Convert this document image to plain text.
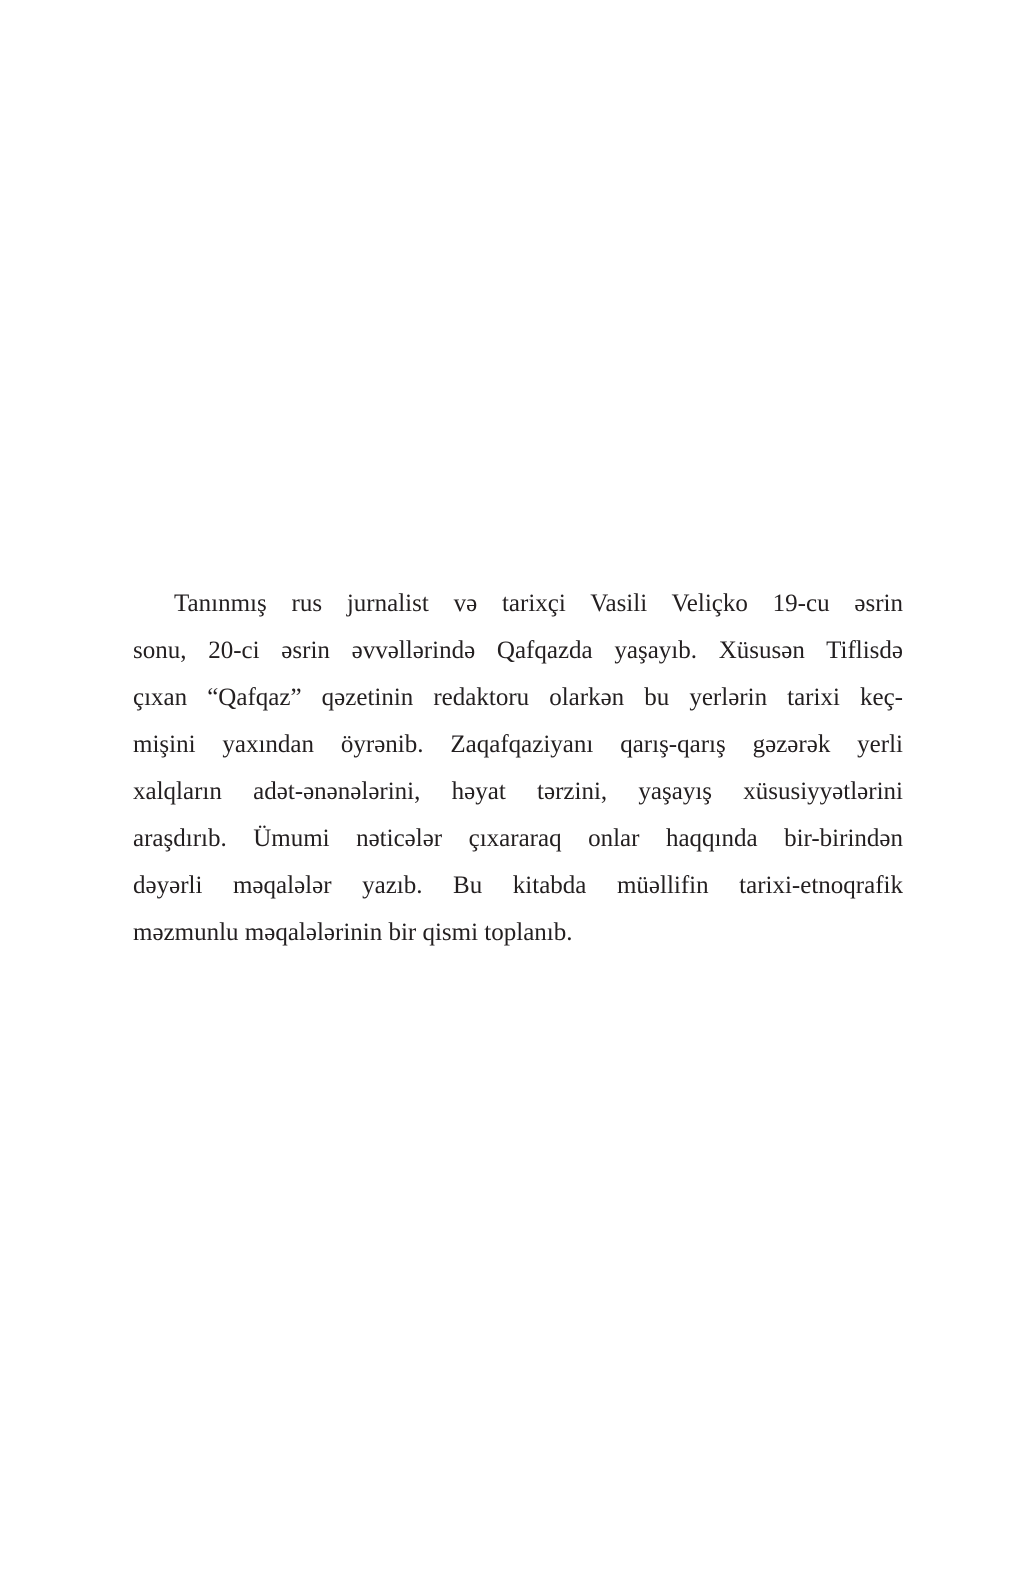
Tanınmış rus jurnalist və tarixçi Vasili Veliçko 19-cu əsrin
sonu, 20-ci əsrin əvvəllərində Qafqazda yaşayıb. Xüsusən Tiflisdə
çıxan “Qafqaz” qəzetinin redaktoru olarkən bu yerlərin tarixi keç-
mişini yaxından öyrənib. Zaqafqaziyanı qarış-qarış gəzərək yerli
xalqların adət-ənənələrini, həyat tərzini, yaşayış xüsusiyyətlərini
araşdırıb. Ümumi nəticələr çıxararaq onlar haqqında bir-birindən
dəyərli məqalələr yazıb. Bu kitabda müəllifin tarixi-etnoqrafik
məzmunlu məqalələrinin bir qismi toplanıb.
